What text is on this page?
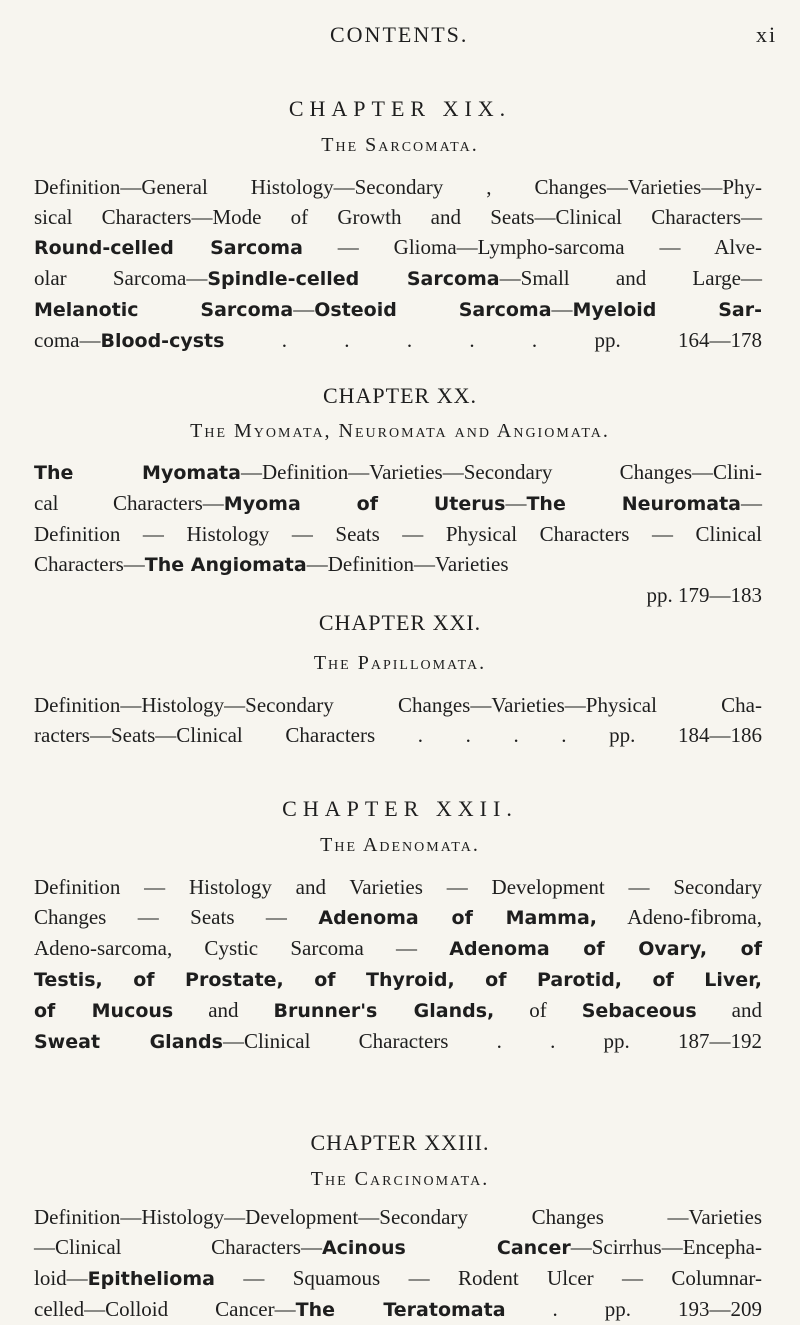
CONTENTS.	xi
CHAPTER XIX.
The Sarcomata.
Definition—General Histology—Secondary , Changes—Varieties—Phy-
sical Characters—Mode of Growth and Seats—Clinical Characters—
Round-celled Sarcoma — Glioma—Lympho-sarcoma — Alve-
olar Sarcoma—Spindle-celled Sarcoma—Small and Large—
Melanotic Sarcoma—Osteoid Sarcoma—Myeloid Sar-
coma—Blood-cysts . . . . . pp. 164—178
CHAPTER XX.
The Myomata, Neuromata and Angiomata.
The Myomata—Definition—Varieties—Secondary Changes—Clini-
cal Characters—Myoma of Uterus—The Neuromata—
Definition — Histology — Seats — Physical Characters — Clinical
Characters—The Angiomata—Definition—Varieties
pp. 179—183
CHAPTER XXI.
The Papillomata.
Definition—Histology—Secondary Changes—Varieties—Physical Cha-
racters—Seats—Clinical Characters . . . . pp. 184—186
CHAPTER XXII.
The Adenomata.
Definition — Histology and Varieties — Development — Secondary
Changes — Seats — Adenoma of Mamma, Adeno-fibroma,
Adeno-sarcoma, Cystic Sarcoma — Adenoma of Ovary, of
Testis, of Prostate, of Thyroid, of Parotid, of Liver,
of Mucous and Brunner's Glands, of Sebaceous and
Sweat Glands—Clinical Characters . . pp. 187—192
CHAPTER XXIII.
The Carcinomata.
Definition—Histology—Development—Secondary Changes —Varieties
—Clinical Characters—Acinous Cancer—Scirrhus—Encepha-
loid—Epithelioma — Squamous — Rodent Ulcer — Columnar-
celled—Colloid Cancer—The Teratomata . pp. 193—209
